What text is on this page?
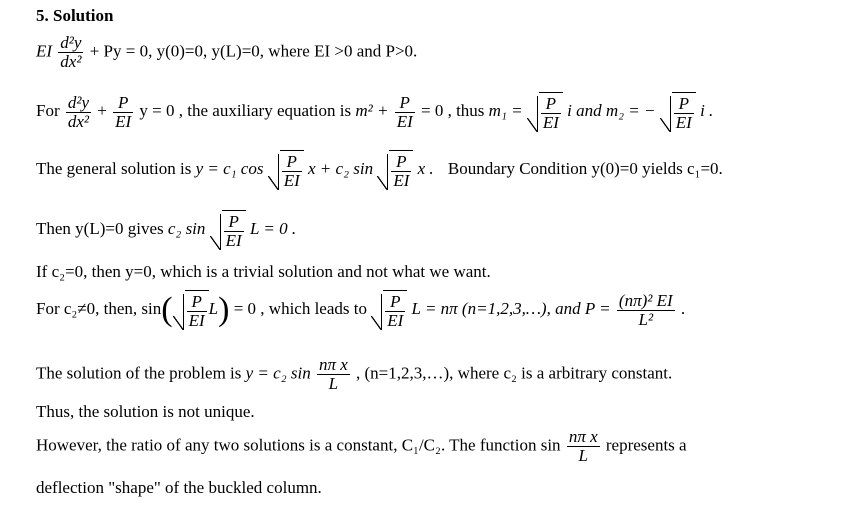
5. Solution
EI $\frac{\text{d²y}}{\text{dx²}} + Py = 0$, y(0)=0, y(L)=0, where EI >0 and P>0.
For $\frac{\text{d²y}}{\text{dx²}} + \frac{P}{EI}$ y = 0 , the auxiliary equation is $m^2 + \frac{P}{EI} = 0$ , thus $m_1 = \frac{P}{EI}$ i and m₂ = − $\frac{P}{EI}$ i .
The general solution is y = c₁ $\cos \frac{P}{EI}$ x + c₂ $\sin \frac{P}{EI}$ x . Boundary Condition y(0)=0 yields c₁=0.
Then y(L)=0 gives c₂ $\sin \frac{P}{EI}$ L = 0 .
If c₂=0, then y=0, which is a trivial solution and not what we want.
For c₂≠0, then, $\sin( \frac{P}{EI} L) = 0$ , which leads to $\frac{P}{EI}$ L = nπ (n=1,2,3,…), and $P = \frac{\text{(nπ)² EI}}{\text{L²}}$ .
The solution of the problem is y = c₂ $\sin \frac{\text{nπ x}}{L}$ , (n=1,2,3,…), where c₂ is a arbitrary constant.
Thus, the solution is not unique.
However, the ratio of any two solutions is a constant, C₁/C₂. The function $\sin \frac{\text{nπ x}}{L}$ represents a
deflection "shape" of the buckled column.
